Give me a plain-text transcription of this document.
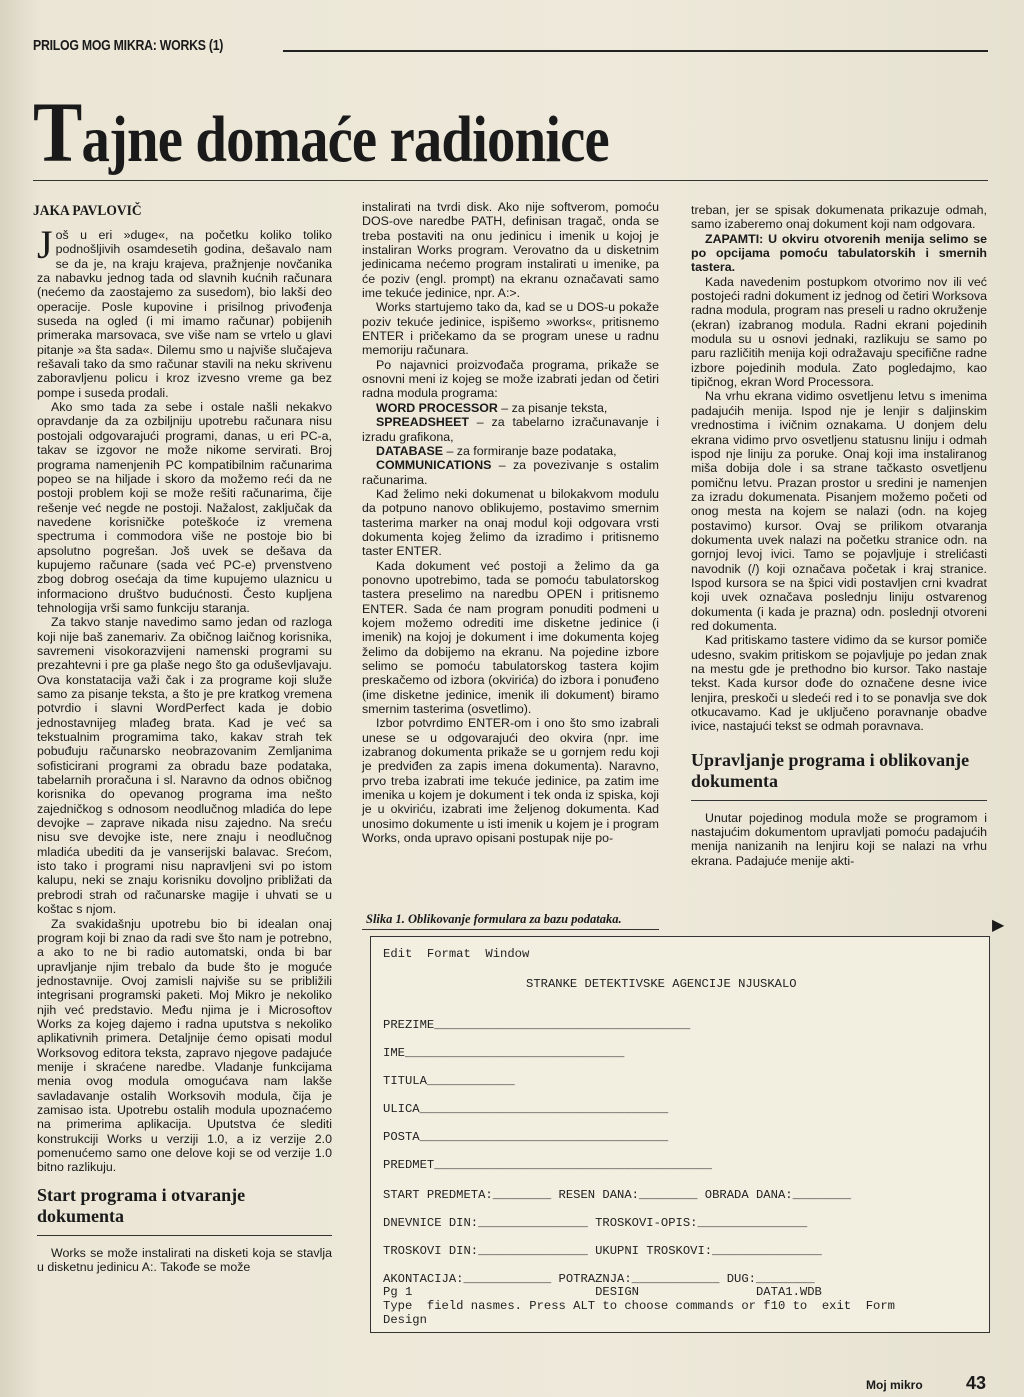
PRILOG MOG MIKRA: WORKS (1)
Tajne domaće radionice
JAKA PAVLOVIČ

Još u eri »duge«, na početku koliko toliko podnošljivih osamdesetih godina, dešavalo nam se da je, na kraju krajeva, pražnjenje novčanika za nabavku jednog tada od slavnih kućnih računara (nećemo da zaostajemo za susedom), bio lakši deo operacije. Posle kupovine i prisilnog privođenja suseda na ogled (i mi imamo računar) pobijenih primeraka marsovaca, sve više nam se vrtelo u glavi pitanje »a šta sada«. Dilemu smo u najviše slučajeva rešavali tako da smo računar stavili na neku skrivenu zaboravljenu policu i kroz izvesno vreme ga bez pompe i suseda prodali.

Ako smo tada za sebe i ostale našli nekakvo opravdanje da za ozbiljniju upotrebu računara nisu postojali odgovarajući programi, danas, u eri PC-a, takav se izgovor ne može nikome servirati. Broj programa namenjenih PC kompatibilnim računarima popeo se na hiljade i skoro da možemo reći da ne postoji problem koji se može rešiti računarima, čije rešenje već negde ne postoji. Nažalost, zaključak da navedene korisničke poteškoće iz vremena spectruma i commodora više ne postoje bio bi apsolutno pogrešan. Još uvek se dešava da kupujemo računare (sada već PC-e) prvenstveno zbog dobrog osećaja da time kupujemo ulaznicu u informaciono društvo budućnosti. Često kupljena tehnologija vrši samo funkciju staranja.

Za takvo stanje navedimo samo jedan od razloga koji nije baš zanemariv. Za običnog laičnog korisnika, savremeni visokorazvijeni namenski programi su prezahtevni i pre ga plaše nego što ga oduševljavaju. Ova konstatacija važi čak i za programe koji služe samo za pisanje teksta, a što je pre kratkog vremena potvrdio i slavni WordPerfect kada je dobio jednostavnijeg mlađeg brata. Kad je već sa tekstualnim programima tako, kakav strah tek pobuđuju računarsko neobrazovanim Zemljanima sofisticirani programi za obradu baze podataka, tabelarnih proračuna i sl. Naravno da odnos običnog korisnika do opevanog programa ima nešto zajedničkog s odnosom neodlučnog mladića do lepe devojke – zaprave nikada nisu zajedno. Na sreću nisu sve devojke iste, nere znaju i neodlučnog mladića ubediti da je vanserijski balavac. Srećom, isto tako i programi nisu napravljeni svi po istom kalupu, neki se znaju korisniku dovoljno približati da prebrodi strah od računarske magije i uhvati se u koštac s njom.

Za svakidašnju upotrebu bio bi idealan onaj program koji bi znao da radi sve što nam je potrebno, a ako to ne bi radio automatski, onda bi bar upravljanje njim trebalo da bude što je moguće jednostavnije. Ovoj zamisli najviše su se približili integrisani programski paketi. Moj Mikro je nekoliko njih već predstavio. Među njima je i Microsoftov Works za kojeg dajemo i radna uputstva s nekoliko aplikativnih primera. Detaljnije ćemo opisati modul Worksovog editora teksta, zapravo njegove padajuće menije i skraćene naredbe. Vladanje funkcijama menia ovog modula omogućava nam lakše savladavanje ostalih Worksovih modula, čija je zamisao ista. Upotrebu ostalih modula upoznaćemo na primerima aplikacija. Uputstva će slediti konstrukciji Works u verziji 1.0, a iz verzije 2.0 pomenućemo samo one delove koji se od verzije 1.0 bitno razlikuju.

Start programa i otvaranje dokumenta

Works se može instalirati na disketi koja se stavlja u disketnu jedinicu A:. Takođe se može

instalirati na tvrdi disk. Ako nije softverom, pomoću DOS-ove naredbe PATH, definisan tragač, onda se treba postaviti na onu jedinicu i imenik u kojoj je instaliran Works program. Verovatno da u disketnim jedinicama nećemo program instalirati u imenike, pa će poziv (engl. prompt) na ekranu označavati samo ime tekuće jedinice, npr. A:>.

Works startujemo tako da, kad se u DOS-u pokaže poziv tekuće jedinice, ispišemo »works«, pritisnemo ENTER i pričekamo da se program unese u radnu memoriju računara.

Po najavnici proizvođača programa, prikaže se osnovni meni iz kojeg se može izabrati jedan od četiri radna modula programa:

WORD PROCESSOR – za pisanje teksta,

SPREADSHEET – za tabelarno izračunavanje i izradu grafikona,

DATABASE – za formiranje baze podataka,

COMMUNICATIONS – za povezivanje s ostalim računarima.

Kad želimo neki dokumenat u bilokakvom modulu da potpuno nanovo oblikujemo, postavimo smernim tasterima marker na onaj modul koji odgovara vrsti dokumenta kojeg želimo da izradimo i pritisnemo taster ENTER.

Kada dokument već postoji a želimo da ga ponovno upotrebimo, tada se pomoću tabulatorskog tastera preselimo na naredbu OPEN i pritisnemo ENTER. Sada će nam program ponuditi podmeni u kojem možemo odrediti ime disketne jedinice (i imenik) na kojoj je dokument i ime dokumenta kojeg želimo da dobijemo na ekranu. Na pojedine izbore selimo se pomoću tabulatorskog tastera kojim preskačemo od izbora (okvirića) do izbora i ponuđeno (ime disketne jedinice, imenik ili dokument) biramo smernim tasterima (osvetlimo).

Izbor potvrdimo ENTER-om i ono što smo izabrali unese se u odgovarajući deo okvira (npr. ime izabranog dokumenta prikaže se u gornjem redu koji je predviđen za zapis imena dokumenta). Naravno, prvo treba izabrati ime tekuće jedinice, pa zatim ime imenika u kojem je dokument i tek onda iz spiska, koji je u okviriću, izabrati ime željenog dokumenta. Kad unosimo dokumente u isti imenik u kojem je i program Works, onda upravo opisani postupak nije po-

treban, jer se spisak dokumenata prikazuje odmah, samo izaberemo onaj dokument koji nam odgovara.

ZAPAMTI: U okviru otvorenih menija selimo se po opcijama pomoću tabulatorskih i smernih tastera.

Kada navedenim postupkom otvorimo nov ili već postojeći radni dokument iz jednog od četiri Worksova radna modula, program nas preseli u radno okruženje (ekran) izabranog modula. Radni ekrani pojedinih modula su u osnovi jednaki, razlikuju se samo po paru različitih menija koji odražavaju specifične radne izbore pojedinih modula. Zato pogledajmo, kao tipičnog, ekran Word Processora.

Na vrhu ekrana vidimo osvetljenu letvu s imenima padajućih menija. Ispod nje je lenjir s daljinskim vrednostima i ivičnim oznakama. U donjem delu ekrana vidimo prvo osvetljenu statusnu liniju i odmah ispod nje liniju za poruke. Onaj koji ima instaliranog miša dobija dole i sa strane tačkasto osvetljenu pomičnu letvu. Prazan prostor u sredini je namenjen za izradu dokumenata. Pisanjem možemo početi od onog mesta na kojem se nalazi (odn. na kojeg postavimo) kursor. Ovaj se prilikom otvaranja dokumenta uvek nalazi na početku stranice odn. na gornjoj levoj ivici. Tamo se pojavljuje i strelićasti navodnik (/) koji označava početak i kraj stranice. Ispod kursora se na špici vidi postavljen crni kvadrat koji uvek označava poslednju liniju ostvarenog dokumenta (i kada je prazna) odn. poslednji otvoreni red dokumenta.

Kad pritiskamo tastere vidimo da se kursor pomiče udesno, svakim pritiskom se pojavljuje po jedan znak na mestu gde je prethodno bio kursor. Tako nastaje tekst. Kada kursor dođe do označene desne ivice lenjira, preskoči u sledeći red i to se ponavlja sve dok otkucavamo. Kad je uključeno poravnanje obadve ivice, nastajući tekst se odmah poravnava.

Upravljanje programa i oblikovanje dokumenta

Unutar pojedinog modula može se programom i nastajućim dokumentom upravljati pomoću padajućih menija nanizanih na lenjiru koji se nalazi na vrhu ekrana. Padajuće menije akti-

▶
Slika 1. Oblikovanje formulara za bazu podataka.
Edit  Format  Window
STRANKE DETEKTIVSKE AGENCIJE NJUSKALO
PREZIME___________________________________
IME______________________________
TITULA____________
ULICA__________________________________
POSTA__________________________________
PREDMET______________________________________
START PREDMETA:________ RESEN DANA:________ OBRADA DANA:________
DNEVNICE DIN:_______________ TROSKOVI-OPIS:_______________
TROSKOVI DIN:_______________ UKUPNI TROSKOVI:_______________
AKONTACIJA:____________ POTRAZNJA:____________ DUG:________
Pg 1                         DESIGN                DATA1.WDB
Type  field nasmes. Press ALT to choose commands or f10 to  exit  Form
Design
Moj mikro 43
